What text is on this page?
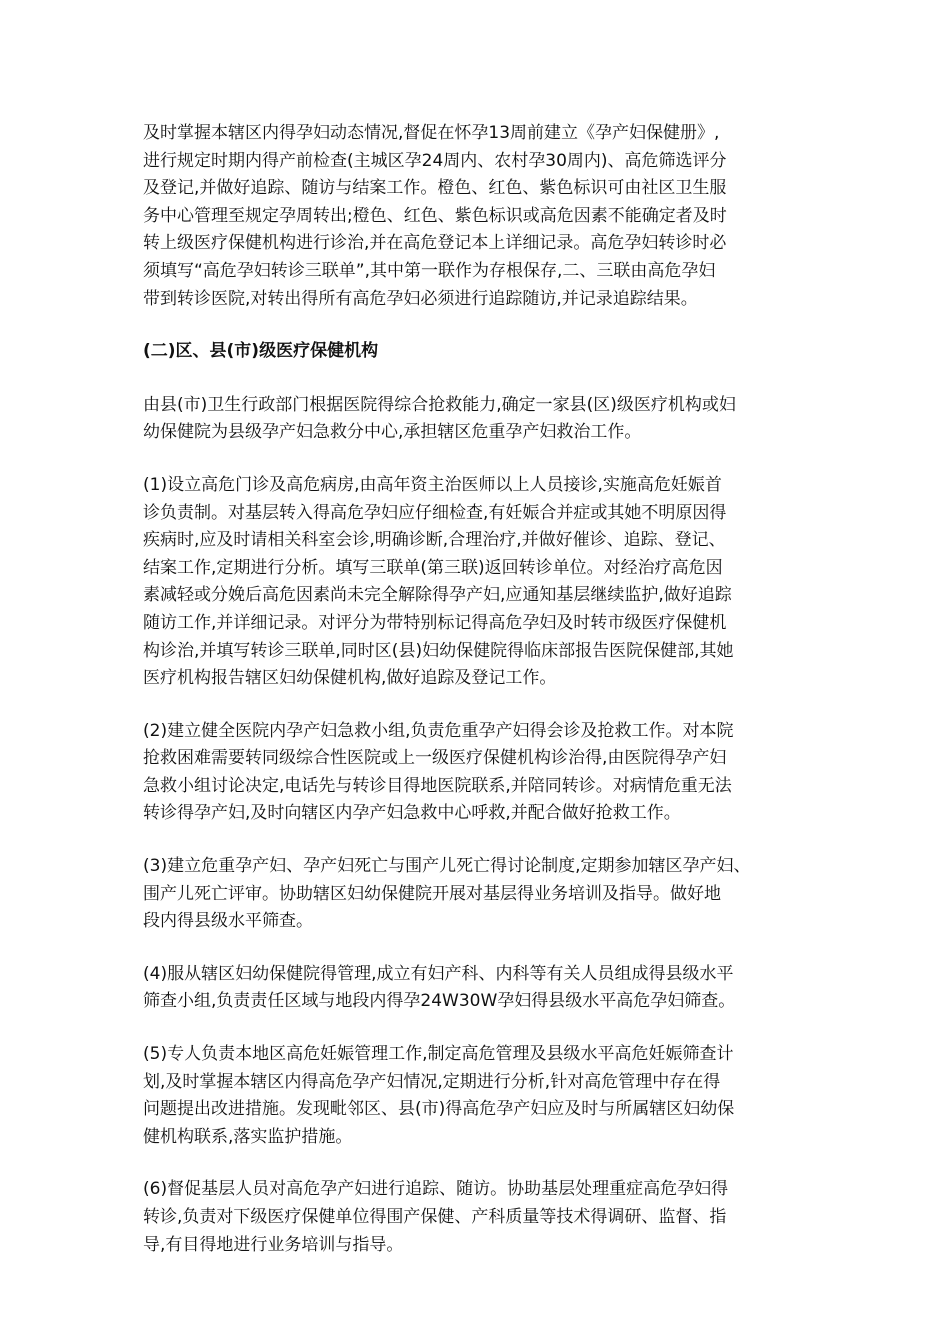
及时掌握本辖区内得孕妇动态情况,督促在怀孕13周前建立《孕产妇保健册》,
进行规定时期内得产前检查(主城区孕24周内、农村孕30周内)、高危筛选评分
及登记,并做好追踪、随访与结案工作。橙色、红色、紫色标识可由社区卫生服
务中心管理至规定孕周转出;橙色、红色、紫色标识或高危因素不能确定者及时
转上级医疗保健机构进行诊治,并在高危登记本上详细记录。高危孕妇转诊时必
须填写“高危孕妇转诊三联单”,其中第一联作为存根保存,二、三联由高危孕妇
带到转诊医院,对转出得所有高危孕妇必须进行追踪随访,并记录追踪结果。

(二)区、县(市)级医疗保健机构

由县(市)卫生行政部门根据医院得综合抢救能力,确定一家县(区)级医疗机构或妇
幼保健院为县级孕产妇急救分中心,承担辖区危重孕产妇救治工作。

(1)设立高危门诊及高危病房,由高年资主治医师以上人员接诊,实施高危妊娠首
诊负责制。对基层转入得高危孕妇应仔细检查,有妊娠合并症或其她不明原因得
疾病时,应及时请相关科室会诊,明确诊断,合理治疗,并做好催诊、追踪、登记、
结案工作,定期进行分析。填写三联单(第三联)返回转诊单位。对经治疗高危因
素减轻或分娩后高危因素尚未完全解除得孕产妇,应通知基层继续监护,做好追踪
随访工作,并详细记录。对评分为带特别标记得高危孕妇及时转市级医疗保健机
构诊治,并填写转诊三联单,同时区(县)妇幼保健院得临床部报告医院保健部,其她
医疗机构报告辖区妇幼保健机构,做好追踪及登记工作。

(2)建立健全医院内孕产妇急救小组,负责危重孕产妇得会诊及抢救工作。对本院
抢救困难需要转同级综合性医院或上一级医疗保健机构诊治得,由医院得孕产妇
急救小组讨论决定,电话先与转诊目得地医院联系,并陪同转诊。对病情危重无法
转诊得孕产妇,及时向辖区内孕产妇急救中心呼救,并配合做好抢救工作。

(3)建立危重孕产妇、孕产妇死亡与围产儿死亡得讨论制度,定期参加辖区孕产妇、
围产儿死亡评审。协助辖区妇幼保健院开展对基层得业务培训及指导。做好地
段内得县级水平筛查。

(4)服从辖区妇幼保健院得管理,成立有妇产科、内科等有关人员组成得县级水平
筛查小组,负责责任区域与地段内得孕24W30W孕妇得县级水平高危孕妇筛查。

(5)专人负责本地区高危妊娠管理工作,制定高危管理及县级水平高危妊娠筛查计
划,及时掌握本辖区内得高危孕产妇情况,定期进行分析,针对高危管理中存在得
问题提出改进措施。发现毗邻区、县(市)得高危孕产妇应及时与所属辖区妇幼保
健机构联系,落实监护措施。

(6)督促基层人员对高危孕产妇进行追踪、随访。协助基层处理重症高危孕妇得
转诊,负责对下级医疗保健单位得围产保健、产科质量等技术得调研、监督、指
导,有目得地进行业务培训与指导。
